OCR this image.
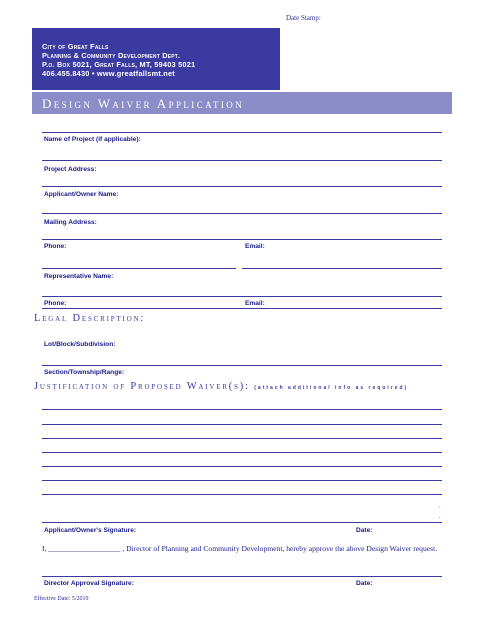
Date Stamp:
City of Great Falls
Planning & Community Development Dept.
P.o. Box 5021, Great Falls, MT, 59403 5021
406.455.8430 • www.greatfallsmt.net
Design Waiver Application
Name of Project (if applicable):
Project Address:
Applicant/Owner Name:
Mailing Address:
Phone:	Email:
Representative Name:
Phone:	Email:
Legal Description:
Lot/Block/Subdivision:
Section/Township/Range:
Justification of Proposed Waiver(s): (attach additional info as required)
.
.
Applicant/Owner's Signature:	Date:
I, ___________________ , Director of Planning and Community Development, hereby approve the above Design Waiver request.
Director Approval Signature:	Date:
Effective Date: 5/2019
